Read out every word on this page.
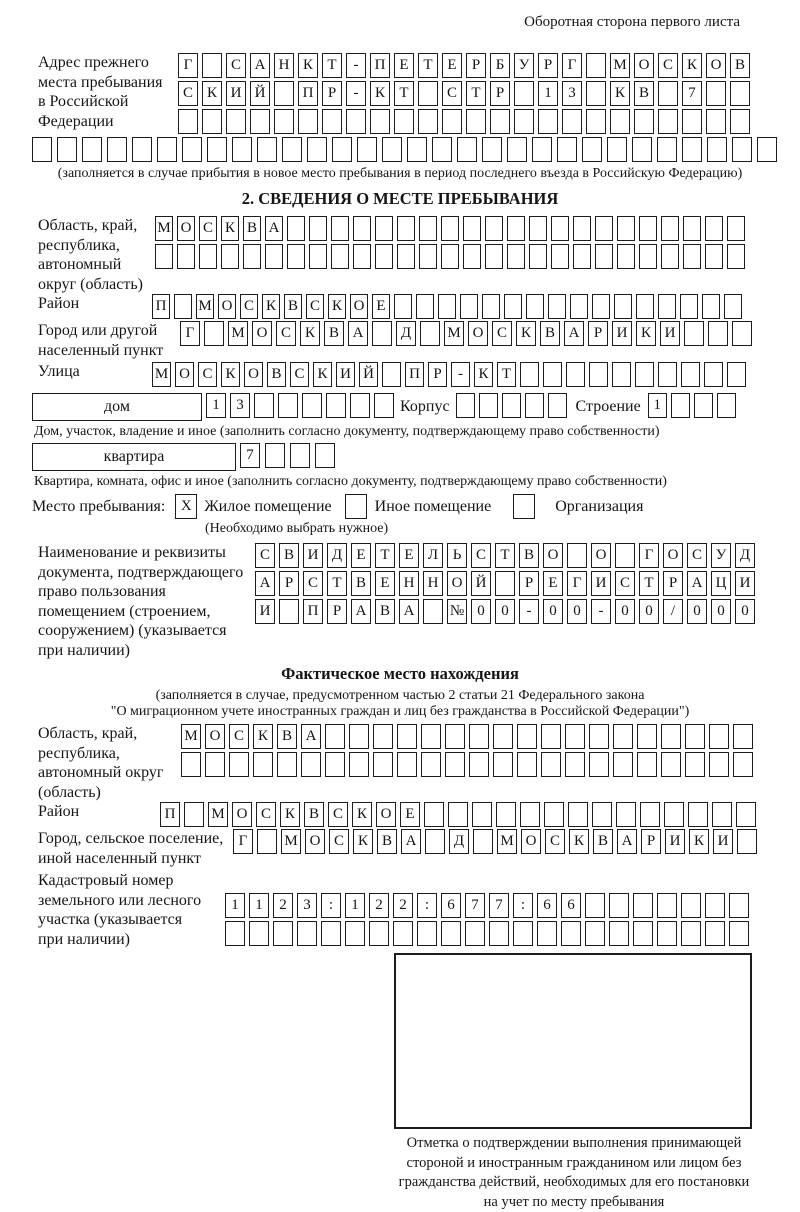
Оборотная сторона первого листа
Адрес прежнего
места пребывания
в Российской
Федерации
Г	С А Н К Т	-	П Е Т Е	Р	Б У Р	Г	М О С К О В
С К И Й	П Р	-	К Т	С Т	Р	1	3	К В	7
(заполняется в случае прибытия в новое место пребывания в период последнего въезда в Российскую Федерацию)
2. СВЕДЕНИЯ О МЕСТЕ ПРЕБЫВАНИЯ
Область, край,
республика,
автономный
округ (область)
М О С К В А
Район	П М О С К В С К О Е
Город или другой
населенный пункт
Г	М О С К В А	Д	М О С К В А Р И К И
Улица	М О С К О В С К И Й П Р	-	К Т
дом	1	3	Корпус	Строение 1
Дом, участок, владение и иное (заполнить согласно документу, подтверждающему право собственности)
квартира	7
Квартира, комната, офис и иное (заполнить согласно документу, подтверждающему право собственности)
Место пребывания:	X Жилое помещение	Иное помещение	Организация
(Необходимо выбрать нужное)
Наименование и реквизиты
документа, подтверждающего
право пользования
помещением (строением,
сооружением) (указывается
при наличии)
С В И Д Е Т Е Л Ь С Т В О	О	Г О С У Д
А Р С Т В Е Н Н О Й	Р	Е	Г И С Т	Р А Ц И
И	П Р А В А	№ 0	0	-	0	0	-	0	0	/	0	0	0
Фактическое место нахождения
(заполняется в случае, предусмотренном частью 2 статьи 21 Федерального закона
"О миграционном учете иностранных граждан и лиц без гражданства в Российской Федерации")
Область, край,
республика,
автономный округ
(область)
М О С К В А
Район	П	М О С К В С К О Е
Город, сельское поселение,
иной населенный пункт
Г	М О С К В А	Д	М О С К В А Р И К И
Кадастровый номер
земельного или лесного
участка (указывается
при наличии)
1	1	2	3	:	1	2	2	:	6	7	7	:	6	6
Отметка о подтверждении выполнения принимающей
стороной и иностранным гражданином или лицом без
гражданства действий, необходимых для его постановки
на учет по месту пребывания
